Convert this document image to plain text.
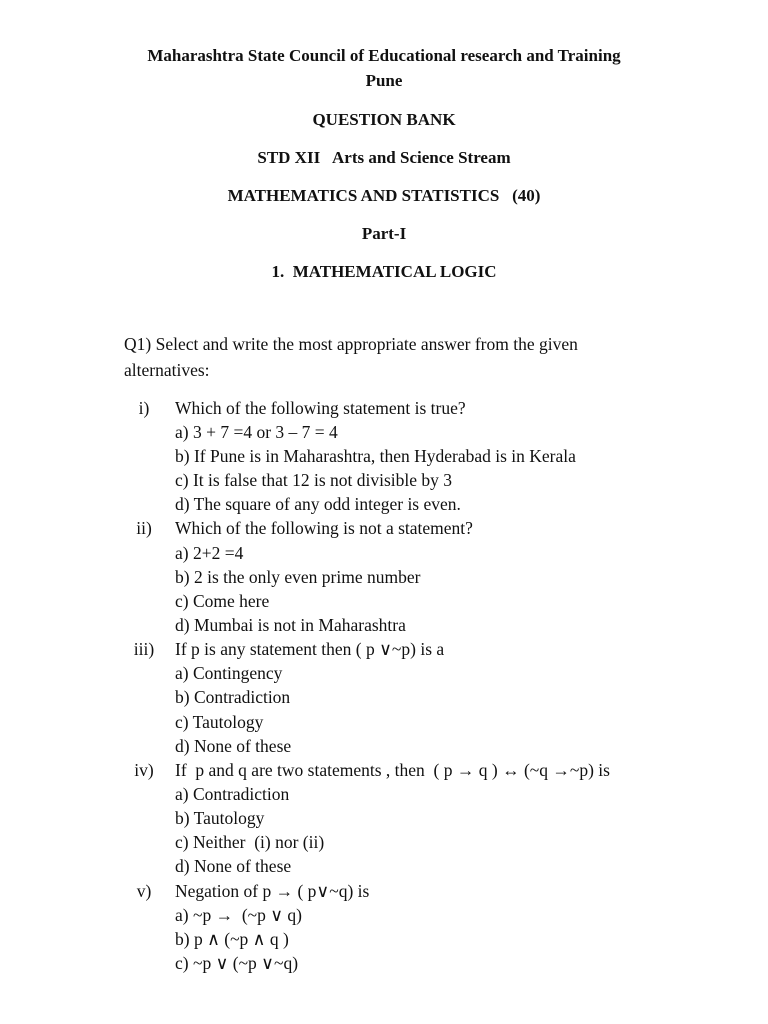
Maharashtra State Council of Educational research and Training
Pune
QUESTION BANK
STD XII   Arts and Science Stream
MATHEMATICS AND STATISTICS   (40)
Part-I
1.  MATHEMATICAL LOGIC
Q1) Select and write the most appropriate answer from the given
alternatives:
i)	Which of the following statement is true?
a) 3 + 7 =4 or 3 – 7 = 4
b) If Pune is in Maharashtra, then Hyderabad is in Kerala
c) It is false that 12 is not divisible by 3
d) The square of any odd integer is even.
ii)	Which of the following is not a statement?
a) 2+2 =4
b) 2 is the only even prime number
c) Come here
d) Mumbai is not in Maharashtra
iii)	If p is any statement then ( p ∨~p) is a
a) Contingency
b) Contradiction
c) Tautology
d) None of these
iv)	If  p and q are two statements , then  ( p → q ) ↔ (~q →~p) is
a) Contradiction
b) Tautology
c) Neither  (i) nor (ii)
d) None of these
v)	Negation of p → ( p∨~q) is
a) ~p →  (~p ∨ q)
b) p ∧ (~p ∧ q )
c) ~p ∨ (~p ∨~q)
